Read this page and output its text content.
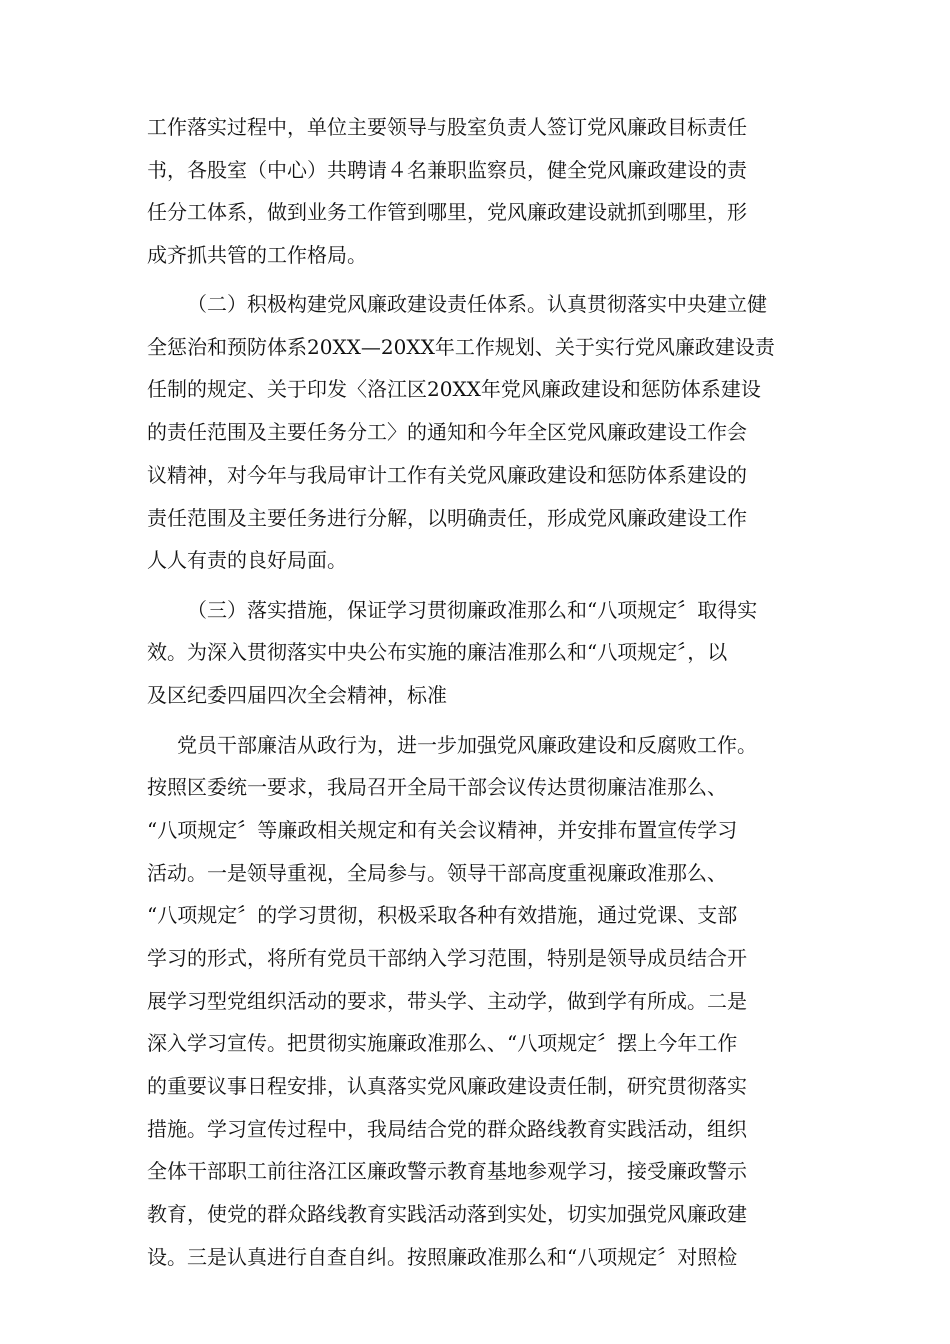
工作落实过程中，单位主要领导与股室负责人签订党风廉政目标责任
书，各股室（中心）共聘请４名兼职监察员，健全党风廉政建设的责
任分工体系，做到业务工作管到哪里，党风廉政建设就抓到哪里，形
成齐抓共管的工作格局。
（二）积极构建党风廉政建设责任体系。认真贯彻落实中央建立健
全惩治和预防体系20XX—20XX年工作规划、关于实行党风廉政建设责
任制的规定、关于印发〈洛江区20XX年党风廉政建设和惩防体系建设
的责任范围及主要任务分工〉的通知和今年全区党风廉政建设工作会
议精神，对今年与我局审计工作有关党风廉政建设和惩防体系建设的
责任范围及主要任务进行分解，以明确责任，形成党风廉政建设工作
人人有责的良好局面。
（三）落实措施，保证学习贯彻廉政准那么和“八项规定〞取得实
效。为深入贯彻落实中央公布实施的廉洁准那么和“八项规定〞，以
及区纪委四届四次全会精神，标准
党员干部廉洁从政行为，进一步加强党风廉政建设和反腐败工作。
按照区委统一要求，我局召开全局干部会议传达贯彻廉洁准那么、
“八项规定〞等廉政相关规定和有关会议精神，并安排布置宣传学习
活动。一是领导重视，全局参与。领导干部高度重视廉政准那么、
“八项规定〞的学习贯彻，积极采取各种有效措施，通过党课、支部
学习的形式，将所有党员干部纳入学习范围，特别是领导成员结合开
展学习型党组织活动的要求，带头学、主动学，做到学有所成。二是
深入学习宣传。把贯彻实施廉政准那么、“八项规定〞摆上今年工作
的重要议事日程安排，认真落实党风廉政建设责任制，研究贯彻落实
措施。学习宣传过程中，我局结合党的群众路线教育实践活动，组织
全体干部职工前往洛江区廉政警示教育基地参观学习，接受廉政警示
教育，使党的群众路线教育实践活动落到实处，切实加强党风廉政建
设。三是认真进行自查自纠。按照廉政准那么和“八项规定〞对照检
